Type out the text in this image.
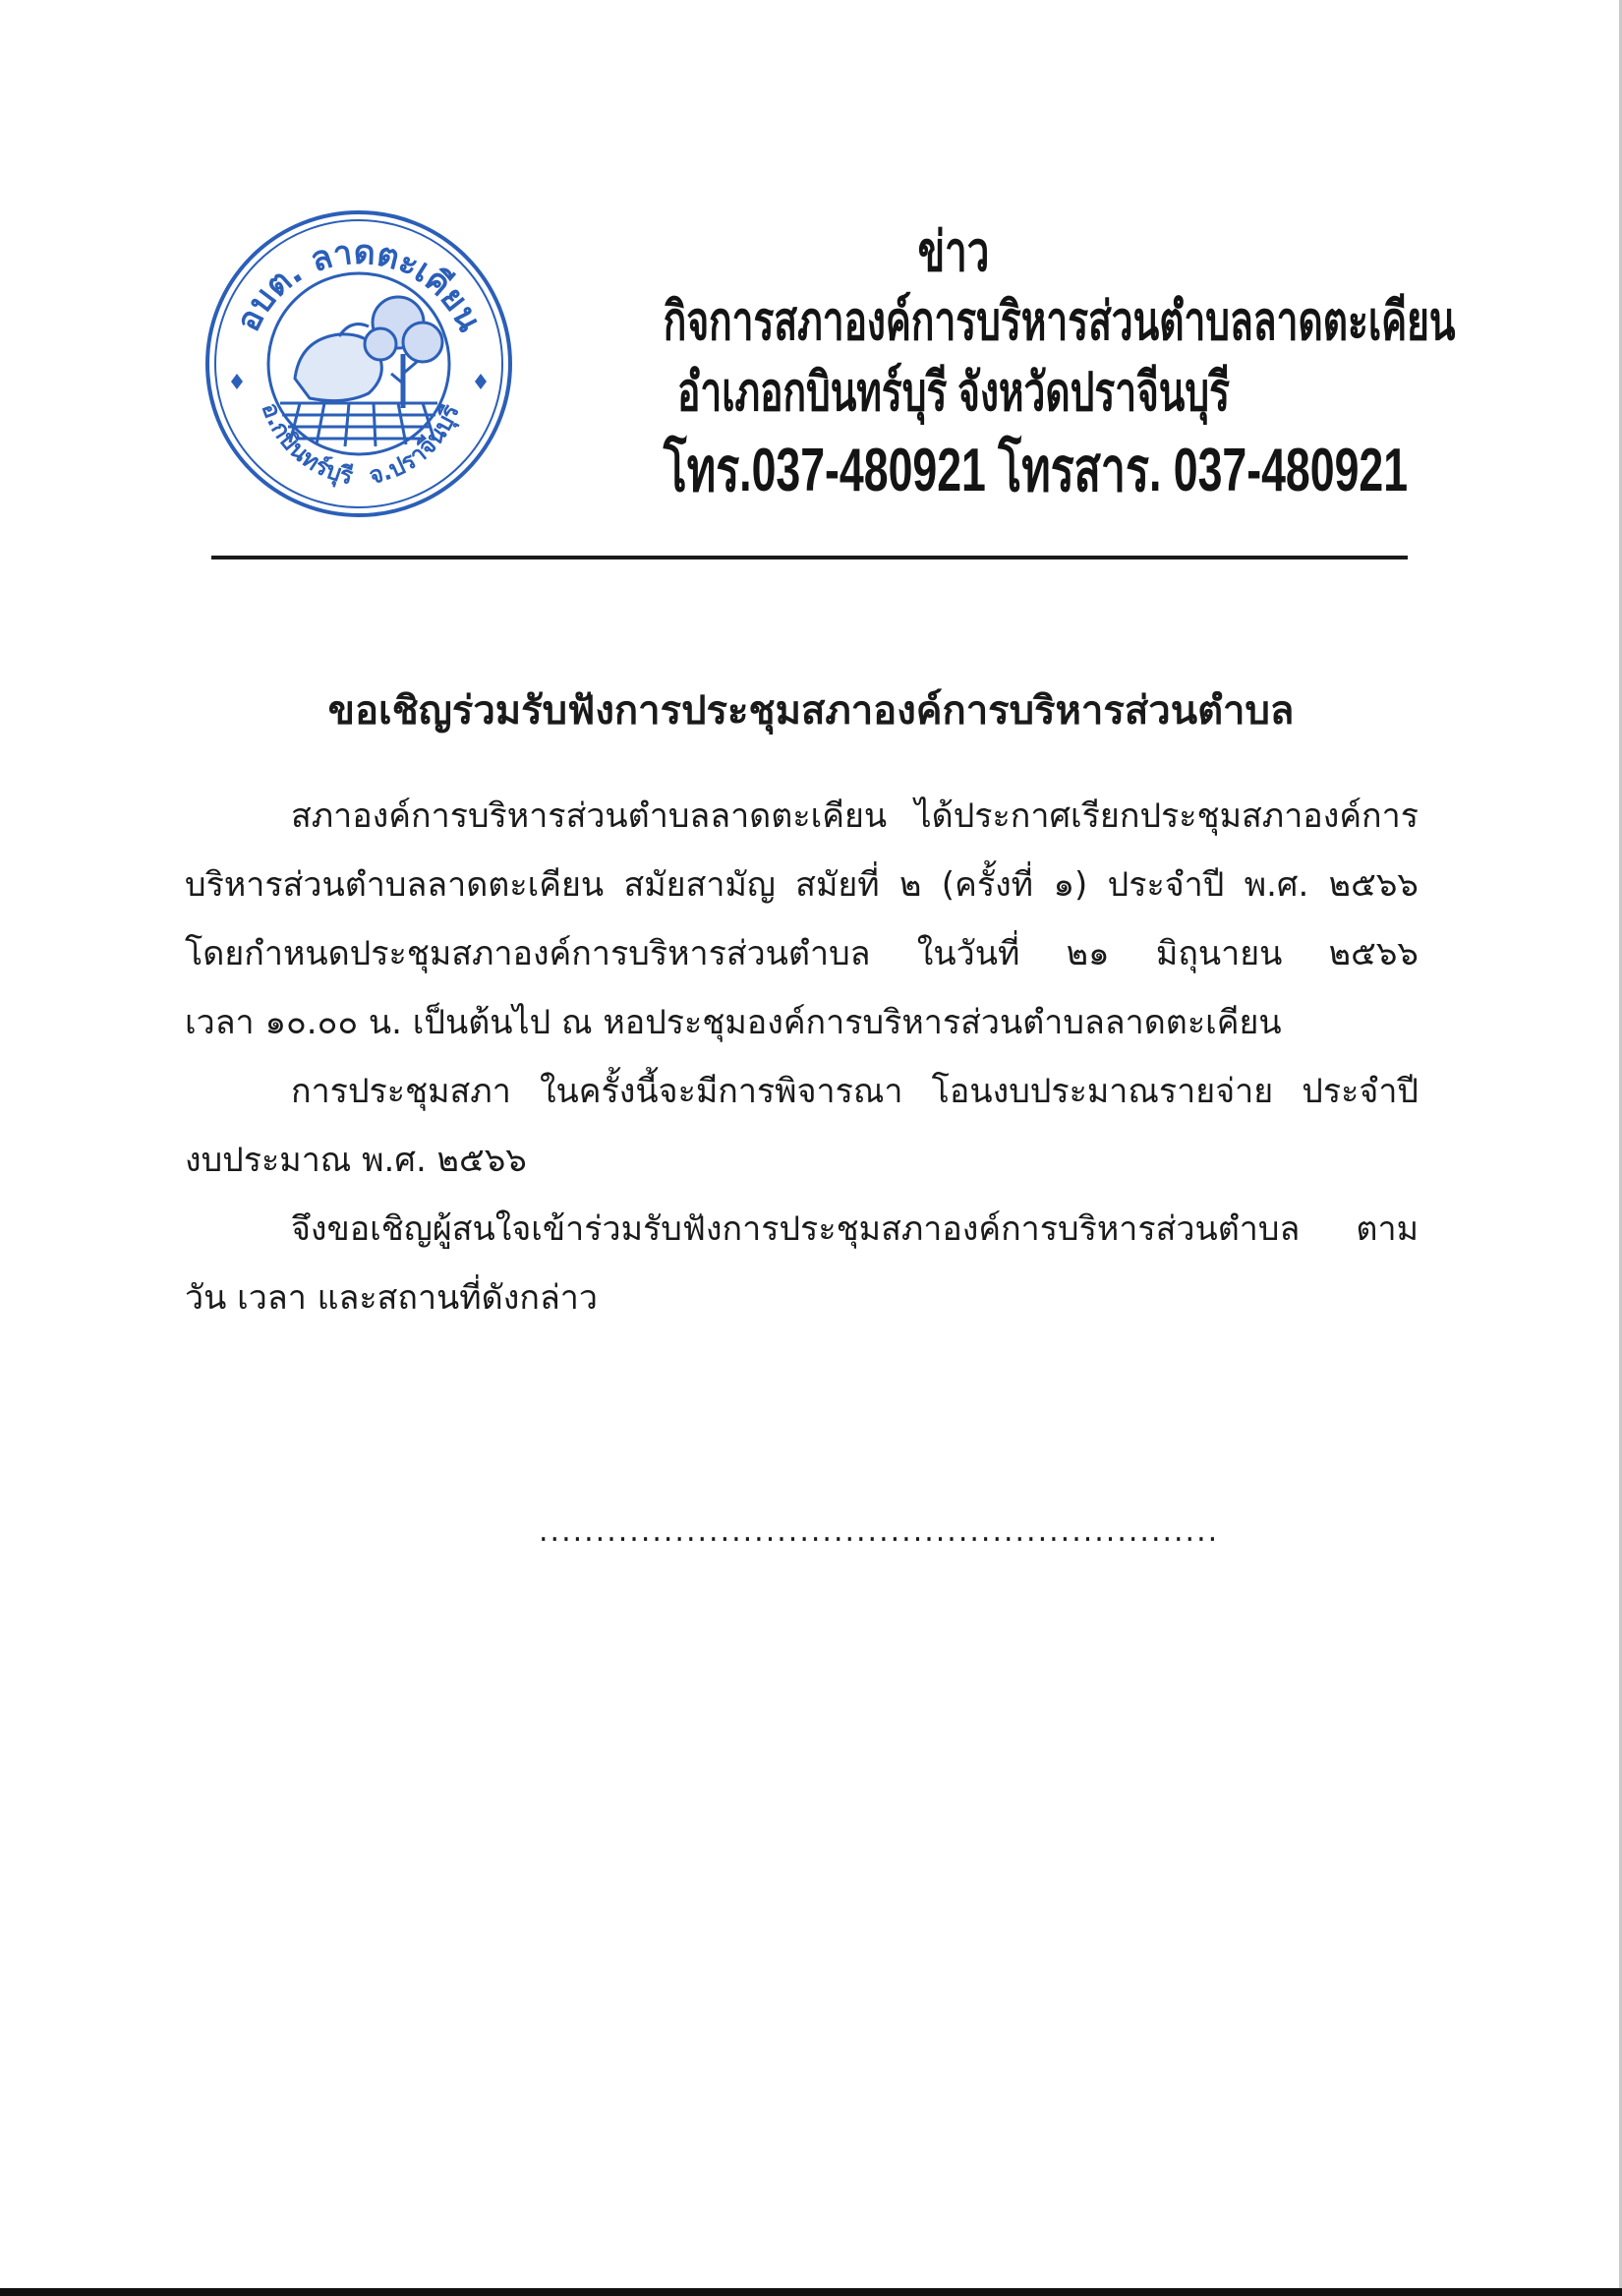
อบต. ลาดตะเคียน
อ.กบินทร์บุรี จ.ปราจีนบุรี
ข่าว
กิจการสภาองค์การบริหารส่วนตำบลลาดตะเคียน
อำเภอกบินทร์บุรี จังหวัดปราจีนบุรี
โทร.037-480921 โทรสาร. 037-480921
ขอเชิญร่วมรับฟังการประชุมสภาองค์การบริหารส่วนตำบล
สภาองค์การบริหารส่วนตำบลลาดตะเคียน ได้ประกาศเรียกประชุมสภาองค์การ
บริหารส่วนตำบลลาดตะเคียน สมัยสามัญ สมัยที่ ๒ (ครั้งที่ ๑) ประจำปี พ.ศ. ๒๕๖๖
โดยกำหนดประชุมสภาองค์การบริหารส่วนตำบล ในวันที่ ๒๑ มิถุนายน ๒๕๖๖
เวลา ๑๐.๐๐ น. เป็นต้นไป ณ หอประชุมองค์การบริหารส่วนตำบลลาดตะเคียน
การประชุมสภา ในครั้งนี้จะมีการพิจารณา โอนงบประมาณรายจ่าย ประจำปี
งบประมาณ พ.ศ. ๒๕๖๖
จึงขอเชิญผู้สนใจเข้าร่วมรับฟังการประชุมสภาองค์การบริหารส่วนตำบล ตาม
วัน เวลา และสถานที่ดังกล่าว
............................................................
